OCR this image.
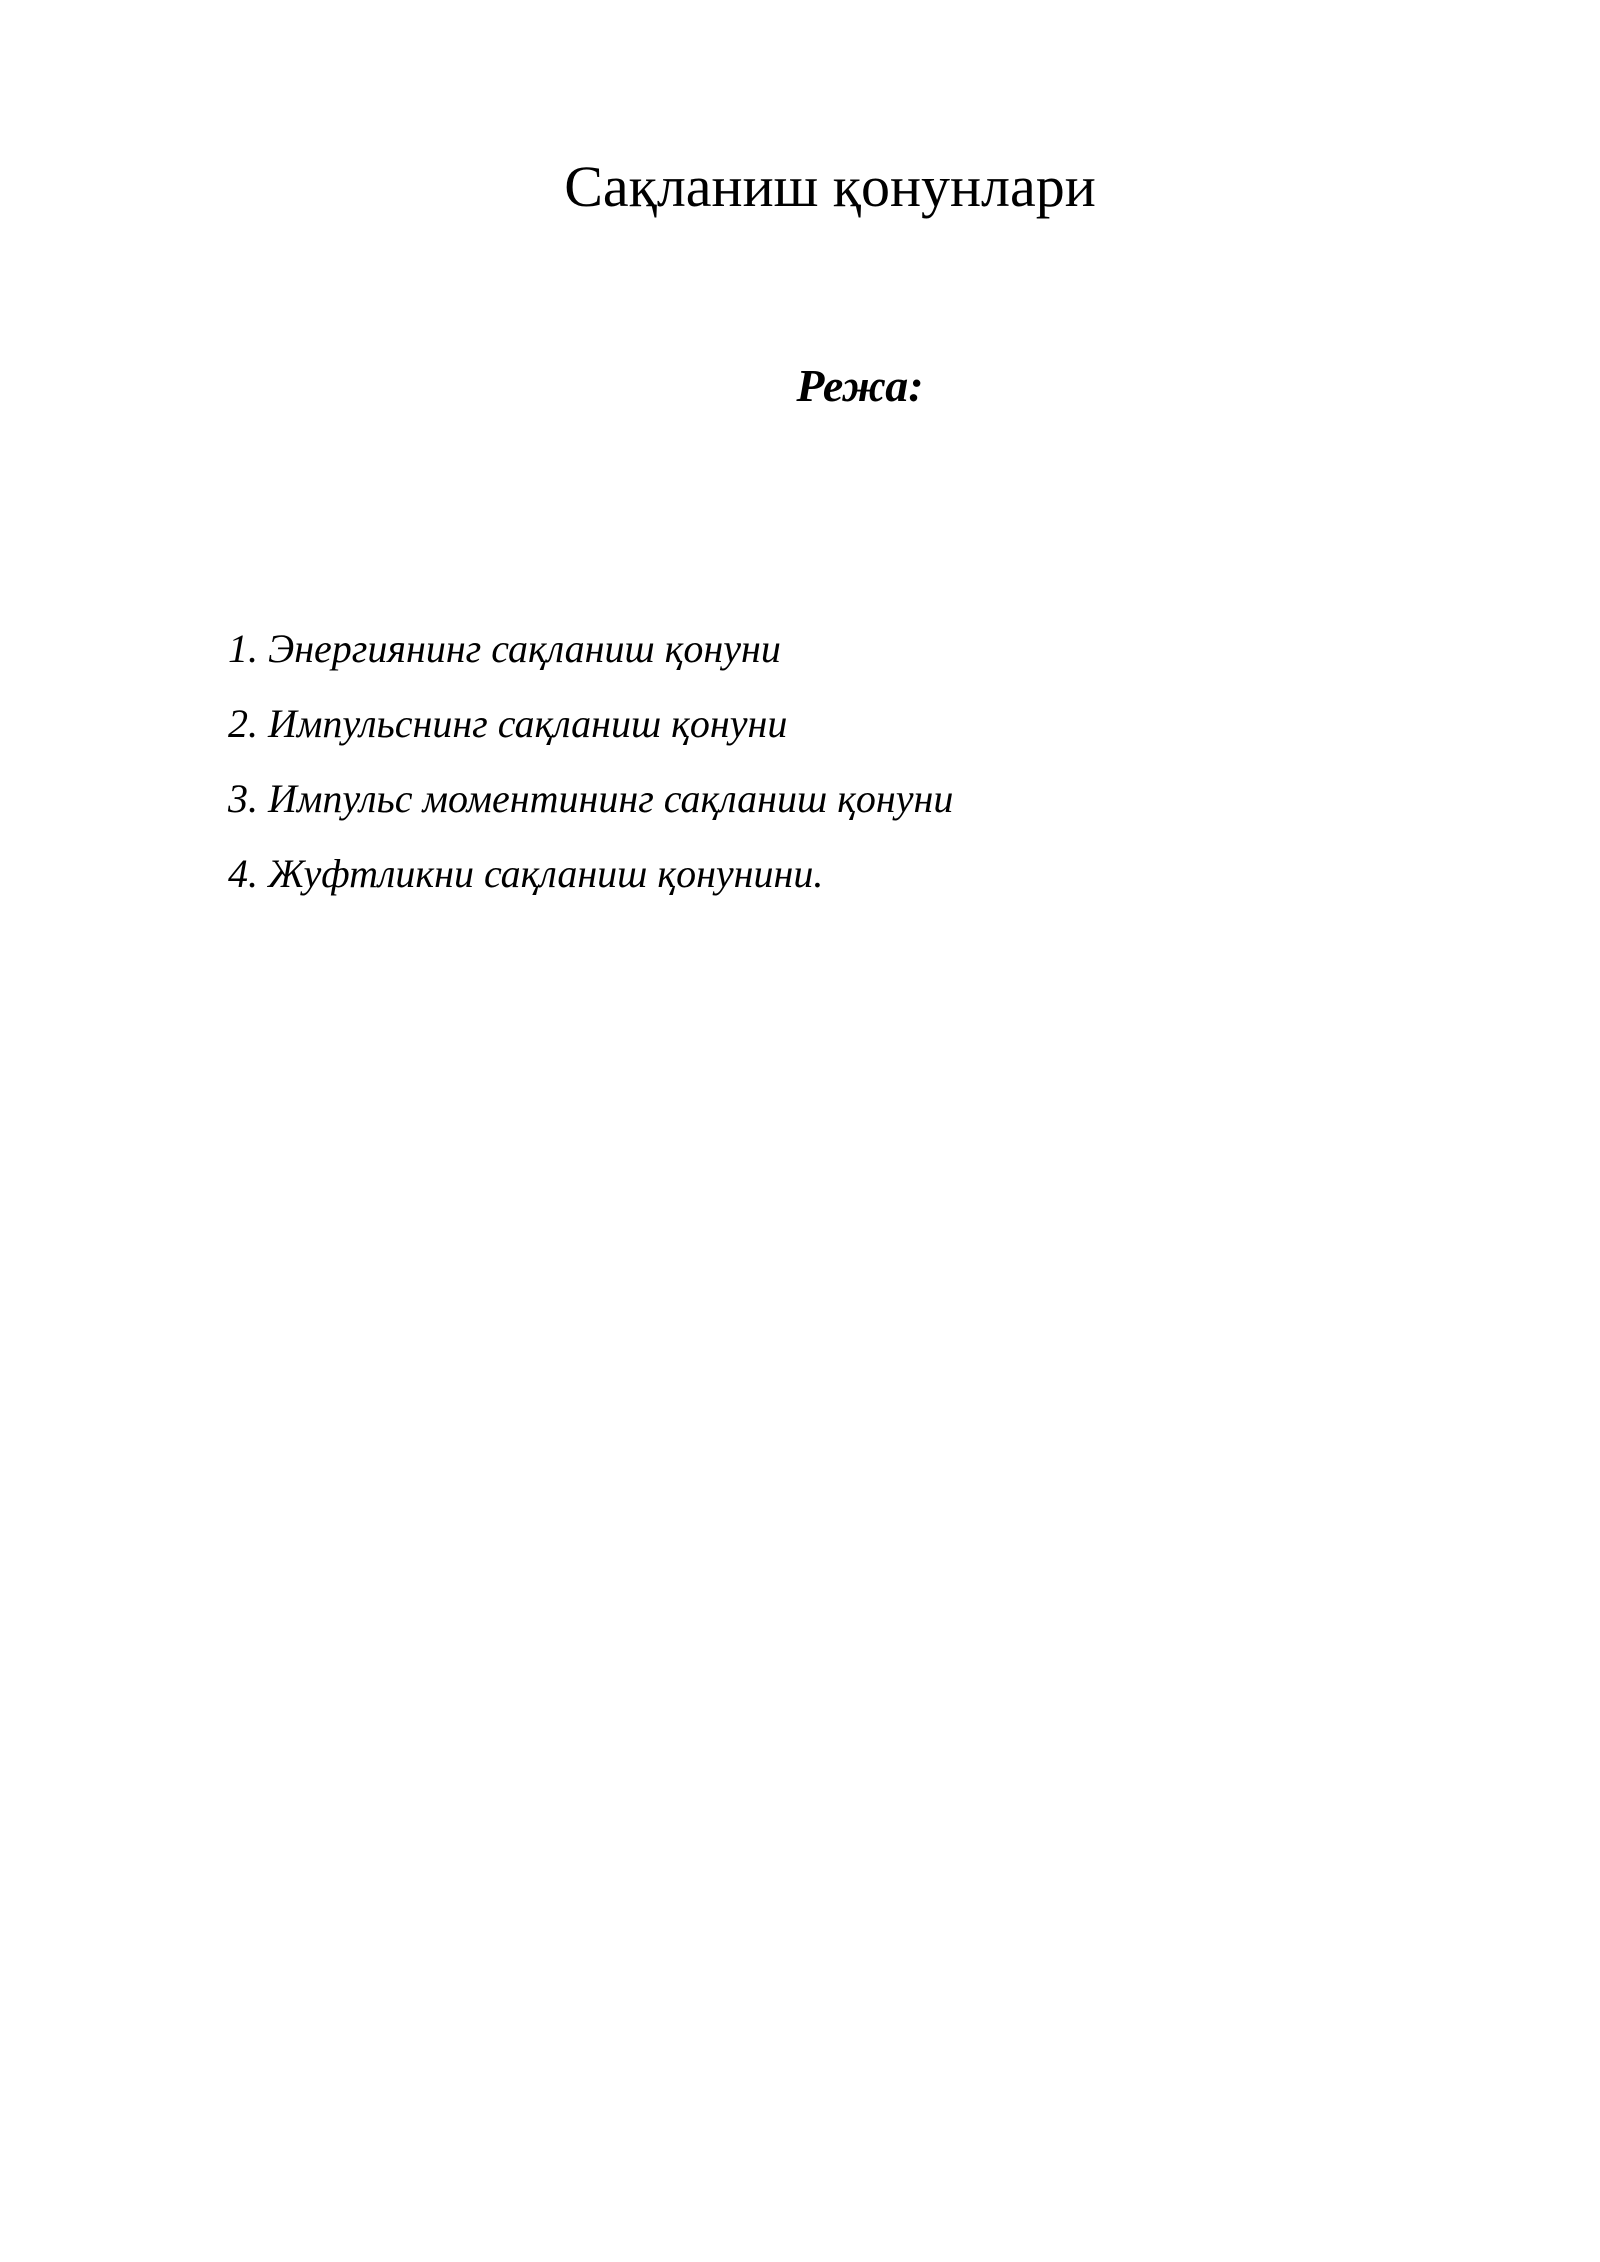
Сақланиш қонунлари
Режа:
1. Энергиянинг сақланиш қонуни
2. Импульснинг сақланиш қонуни
3. Импульс моментининг сақланиш қонуни
4. Жуфтликни сақланиш қонунини.
